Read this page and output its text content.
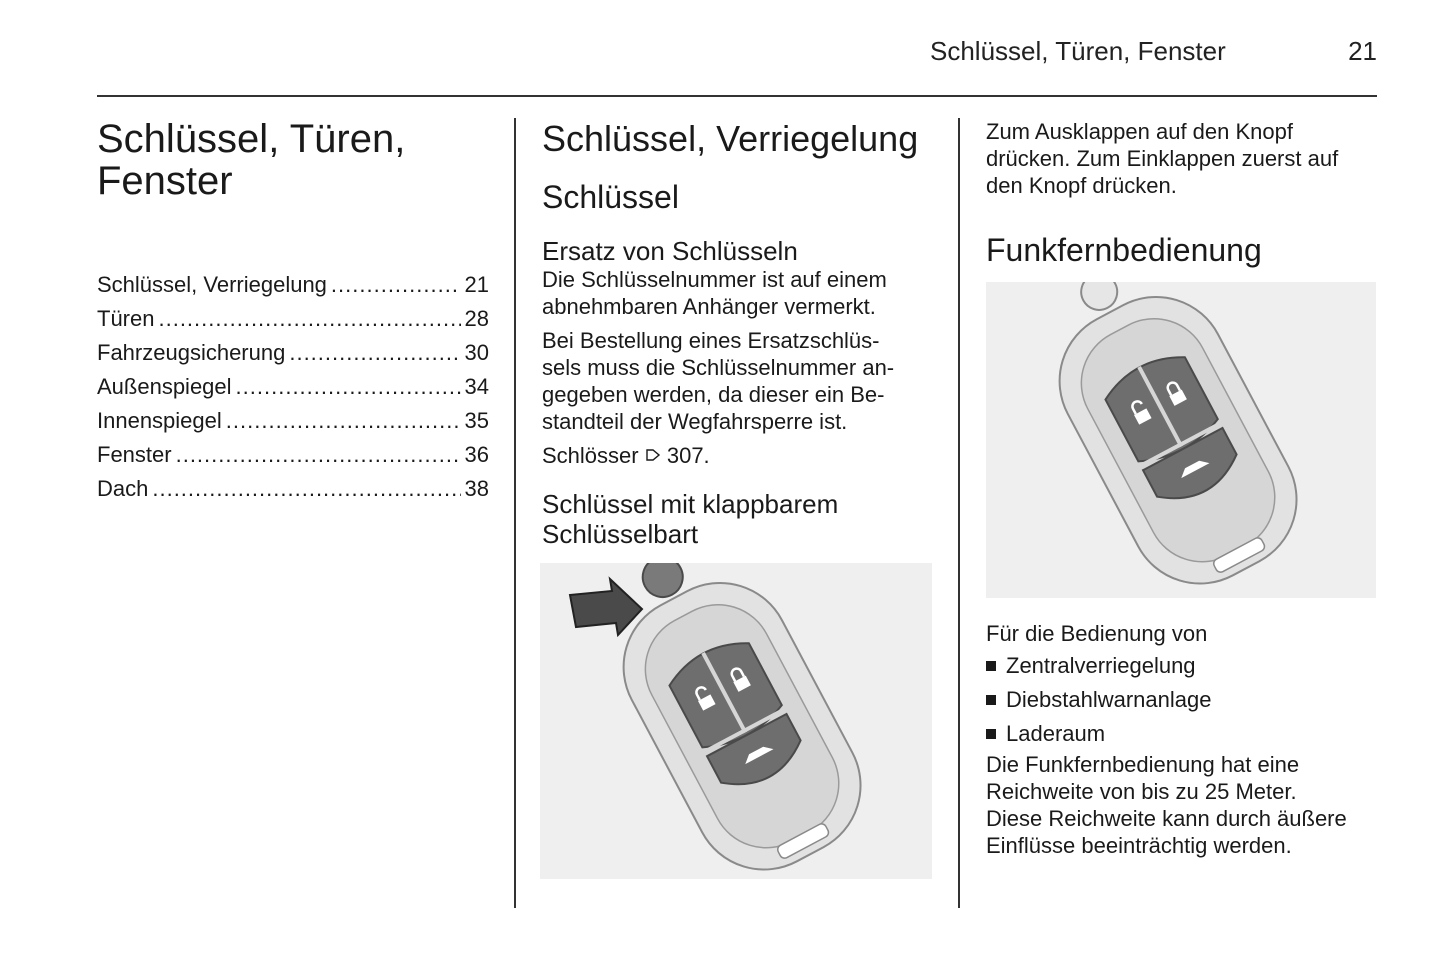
Schlüssel, Türen, Fenster	21
Schlüssel, Türen,
Fenster
Schlüssel, Verriegelung .....	21
Türen .....	28
Fahrzeugsicherung .....	30
Außenspiegel .....	34
Innenspiegel .....	35
Fenster .....	36
Dach .....	38
Schlüssel, Verriegelung
Schlüssel
Ersatz von Schlüsseln

Die Schlüsselnummer ist auf einem
abnehmbaren Anhänger vermerkt.

Bei Bestellung eines Ersatzschlüs-
sels muss die Schlüsselnummer an-
gegeben werden, da dieser ein Be-
standteil der Wegfahrsperre ist.

Schlösser 307.

Schlüssel mit klappbarem
Schlüsselbart

Zum Ausklappen auf den Knopf
drücken. Zum Einklappen zuerst auf
den Knopf drücken.

Funkfernbedienung

Für die Bedienung von

Zentralverriegelung
Diebstahlwarnanlage
Laderaum

Die Funkfernbedienung hat eine
Reichweite von bis zu 25 Meter.
Diese Reichweite kann durch äußere
Einflüsse beeinträchtig werden.
